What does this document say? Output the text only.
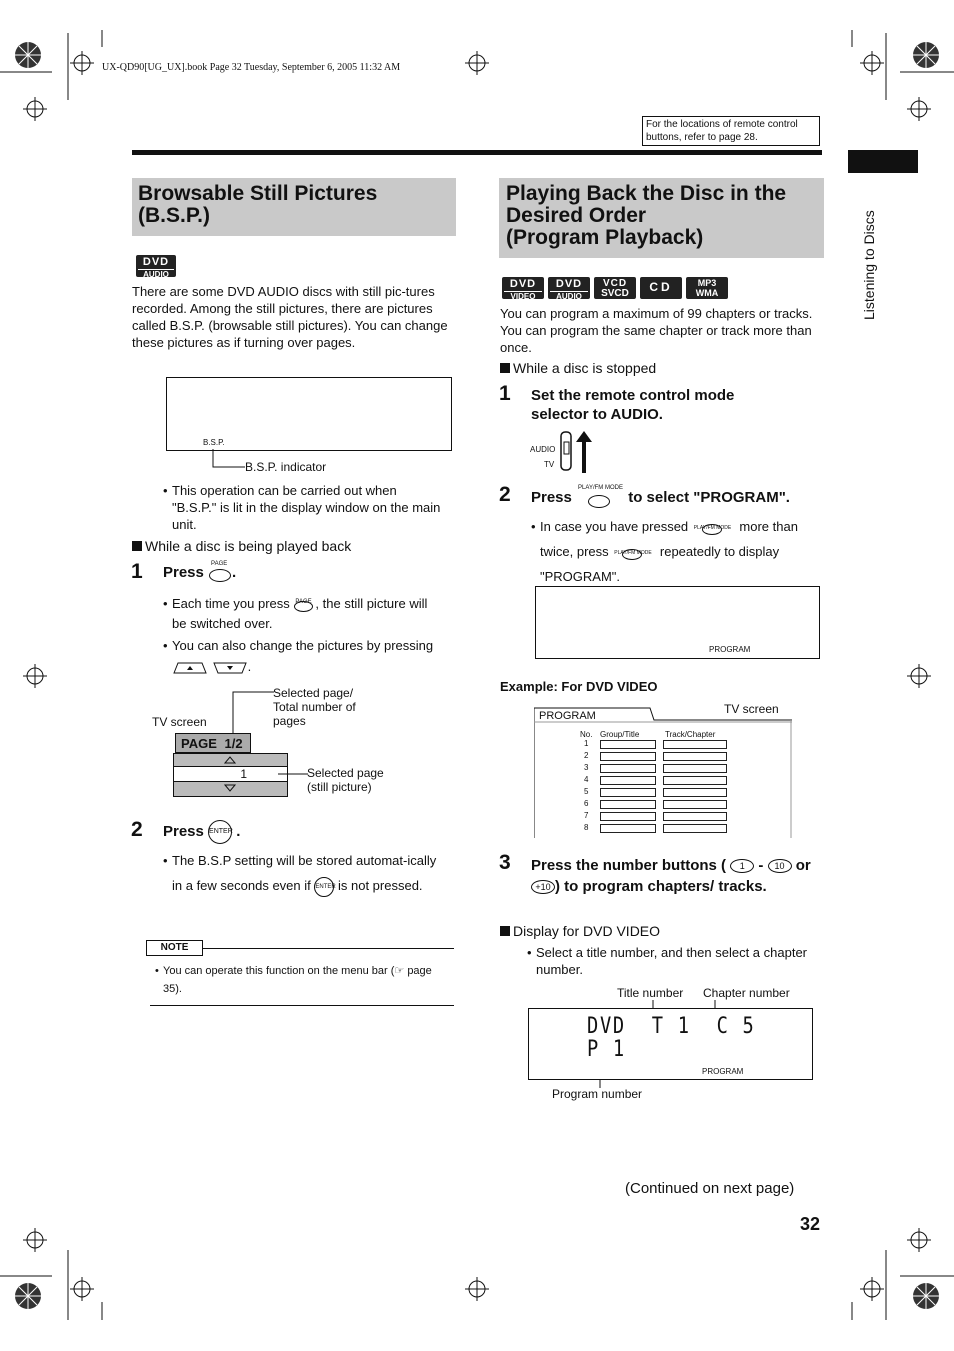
UX-QD90[UG_UX].book Page 32 Tuesday, September 6, 2005 11:32 AM
For the locations of remote control buttons, refer to page 28.
Listening to Discs
Browsable Still Pictures (B.S.P.)
DVD
AUDIO
There are some DVD AUDIO discs with still pic-tures recorded. Among the still pictures, there are pictures called B.S.P. (browsable still pictures). You can change these pictures as if turning over pages.
B.S.P.
B.S.P. indicator
• This operation can be carried out when "B.S.P." is lit in the display window on the main unit.
While a disc is being played back
1 Press PAGE .
• Each time you press PAGE , the still picture will be switched over.
• You can also change the pictures by pressing  .
TV screen
Selected page/ Total number of pages
PAGE 1/2
1	Selected page (still picture)
2 Press ENTER .
• The B.S.P setting will be stored automat-ically in a few seconds even if ENTER is not pressed.
NOTE
• You can operate this function on the menu bar (☞ page 35).
Playing Back the Disc in the
Desired Order
(Program Playback)
DVD
VIDEO
DVD
AUDIO
VCD
SVCD	CD	MP3
WMA
You can program a maximum of 99 chapters or tracks. You can program the same chapter or track more than once.
While a disc is stopped
1 Set the remote control mode selector to AUDIO.
AUDIO
TV
2 Press
PLAY/FM MODE
to select "PROGRAM".
• In case you have pressed PLAY/FM MODE more than twice, press PLAY/FM MODE repeatedly to display "PROGRAM".
PROGRAM
Example: For DVD VIDEO
TV screen
PROGRAM
No. Group/Title	Track/Chapter
1
2
3
4
5
6
7
8
3 Press the number buttons ( 1 - 10 or +10 ) to program chapters/ tracks.
Display for DVD VIDEO
• Select a title number, and then select a chapter number.
Title number Chapter number
DVD  T 1  C 5
P 1
PROGRAM
Program number
(Continued on next page)
32
